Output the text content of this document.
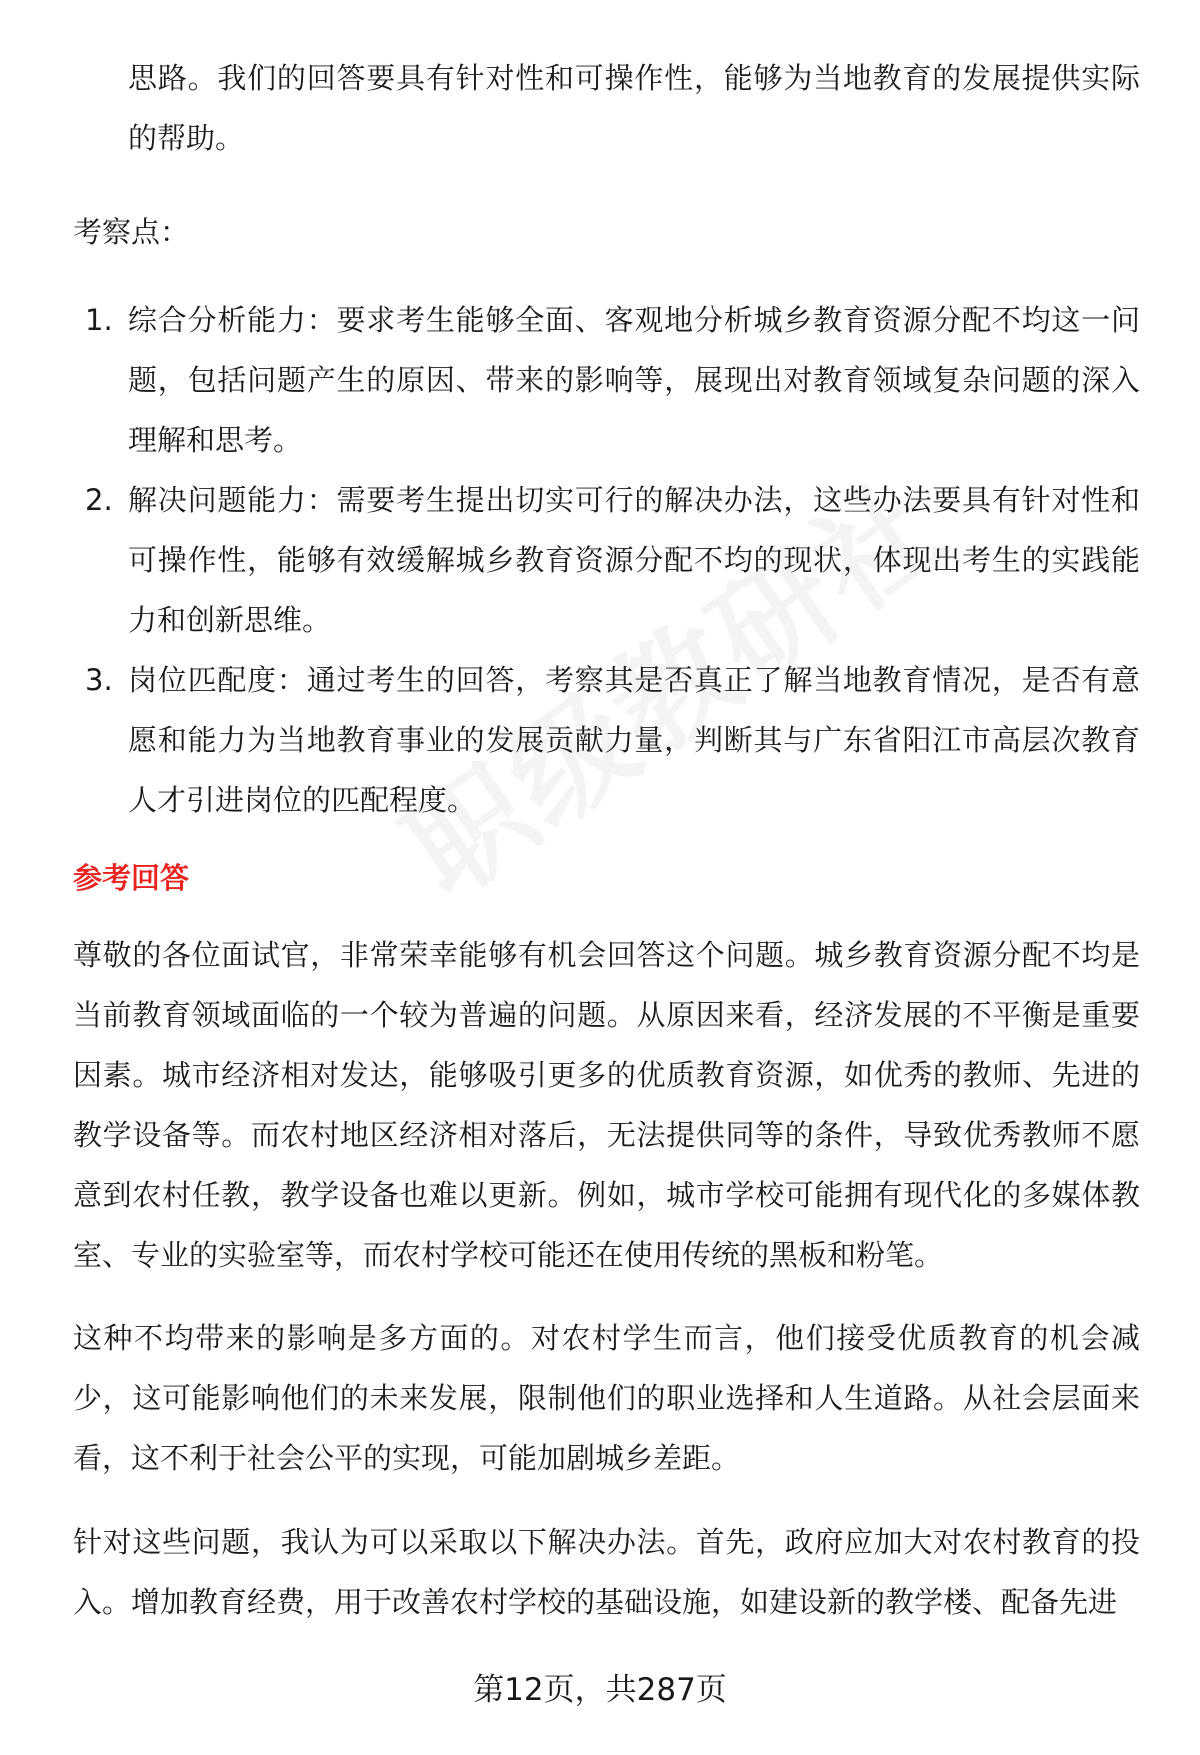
思路。我们的回答要具有针对性和可操作性，能够为当地教育的发展提供实际的帮助。
考察点：
1. 综合分析能力：要求考生能够全面、客观地分析城乡教育资源分配不均这一问题，包括问题产生的原因、带来的影响等，展现出对教育领域复杂问题的深入理解和思考。
2. 解决问题能力：需要考生提出切实可行的解决办法，这些办法要具有针对性和可操作性，能够有效缓解城乡教育资源分配不均的现状，体现出考生的实践能力和创新思维。
3. 岗位匹配度：通过考生的回答，考察其是否真正了解当地教育情况，是否有意愿和能力为当地教育事业的发展贡献力量，判断其与广东省阳江市高层次教育人才引进岗位的匹配程度。
参考回答

尊敬的各位面试官，非常荣幸能够有机会回答这个问题。城乡教育资源分配不均是当前教育领域面临的一个较为普遍的问题。从原因来看，经济发展的不平衡是重要因素。城市经济相对发达，能够吸引更多的优质教育资源，如优秀的教师、先进的教学设备等。而农村地区经济相对落后，无法提供同等的条件，导致优秀教师不愿意到农村任教，教学设备也难以更新。例如，城市学校可能拥有现代化的多媒体教室、专业的实验室等，而农村学校可能还在使用传统的黑板和粉笔。

这种不均带来的影响是多方面的。对农村学生而言，他们接受优质教育的机会减少，这可能影响他们的未来发展，限制他们的职业选择和人生道路。从社会层面来看，这不利于社会公平的实现，可能加剧城乡差距。

针对这些问题，我认为可以采取以下解决办法。首先，政府应加大对农村教育的投入。增加教育经费，用于改善农村学校的基础设施，如建设新的教学楼、配备先进

第12页，共287页
